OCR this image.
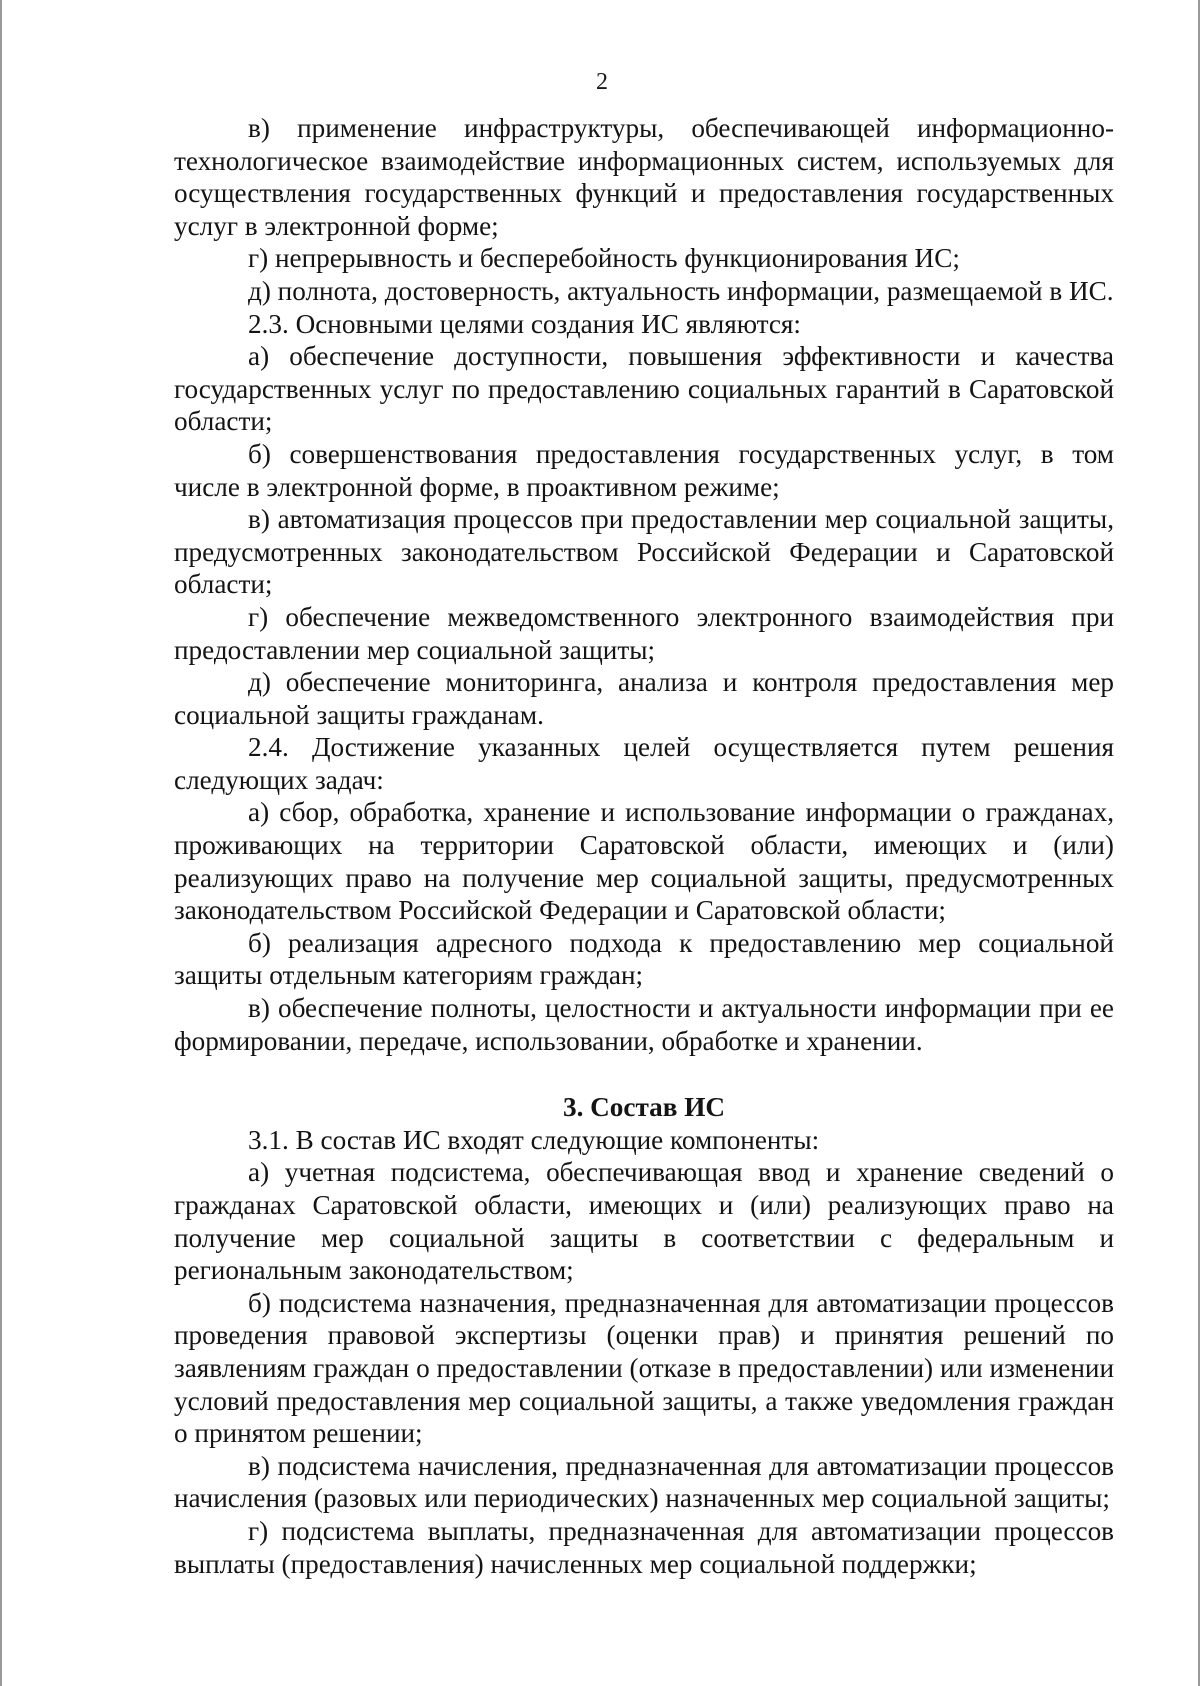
2

в) применение инфраструктуры, обеспечивающей информационно-технологическое взаимодействие информационных систем, используемых для осуществления государственных функций и предоставления государственных услуг в электронной форме;

г) непрерывность и бесперебойность функционирования ИС;

д) полнота, достоверность, актуальность информации, размещаемой в ИС.

2.3. Основными целями создания ИС являются:

а) обеспечение доступности, повышения эффективности и качества государственных услуг по предоставлению социальных гарантий в Саратовской области;

б) совершенствования предоставления государственных услуг, в том числе в электронной форме, в проактивном режиме;

в) автоматизация процессов при предоставлении мер социальной защиты, предусмотренных законодательством Российской Федерации и Саратовской области;

г) обеспечение межведомственного электронного взаимодействия при предоставлении мер социальной защиты;

д) обеспечение мониторинга, анализа и контроля предоставления мер социальной защиты гражданам.

2.4. Достижение указанных целей осуществляется путем решения следующих задач:

а) сбор, обработка, хранение и использование информации о гражданах, проживающих на территории Саратовской области, имеющих и (или) реализующих право на получение мер социальной защиты, предусмотренных законодательством Российской Федерации и Саратовской области;

б) реализация адресного подхода к предоставлению мер социальной защиты отдельным категориям граждан;

в) обеспечение полноты, целостности и актуальности информации при ее формировании, передаче, использовании, обработке и хранении.

3. Состав ИС

3.1. В состав ИС входят следующие компоненты:

а) учетная подсистема, обеспечивающая ввод и хранение сведений о гражданах Саратовской области, имеющих и (или) реализующих право на получение мер социальной защиты в соответствии с федеральным и региональным законодательством;

б) подсистема назначения, предназначенная для автоматизации процессов проведения правовой экспертизы (оценки прав) и принятия решений по заявлениям граждан о предоставлении (отказе в предоставлении) или изменении условий предоставления мер социальной защиты, а также уведомления граждан о принятом решении;

в) подсистема начисления, предназначенная для автоматизации процессов начисления (разовых или периодических) назначенных мер социальной защиты;

г) подсистема выплаты, предназначенная для автоматизации процессов выплаты (предоставления) начисленных мер социальной поддержки;
